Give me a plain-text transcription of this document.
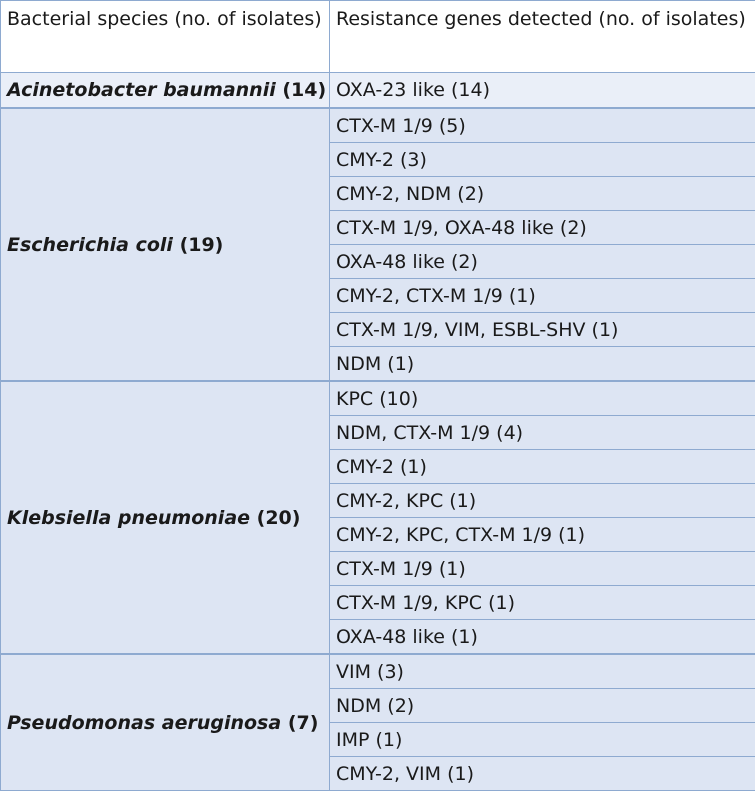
Bacterial species (no. of isolates)	Resistance genes detected (no. of isolates)
Acinetobacter baumannii (14)	OXA-23 like (14)
Escherichia coli (19)	CTX-M 1/9 (5)
	CMY-2 (3)
	CMY-2, NDM (2)
	CTX-M 1/9, OXA-48 like (2)
	OXA-48 like (2)
	CMY-2, CTX-M 1/9 (1)
	CTX-M 1/9, VIM, ESBL-SHV (1)
	NDM (1)
Klebsiella pneumoniae (20)	KPC (10)
	NDM, CTX-M 1/9 (4)
	CMY-2 (1)
	CMY-2, KPC (1)
	CMY-2, KPC, CTX-M 1/9 (1)
	CTX-M 1/9 (1)
	CTX-M 1/9, KPC (1)
	OXA-48 like (1)
Pseudomonas aeruginosa (7)	VIM (3)
	NDM (2)
	IMP (1)
	CMY-2, VIM (1)
